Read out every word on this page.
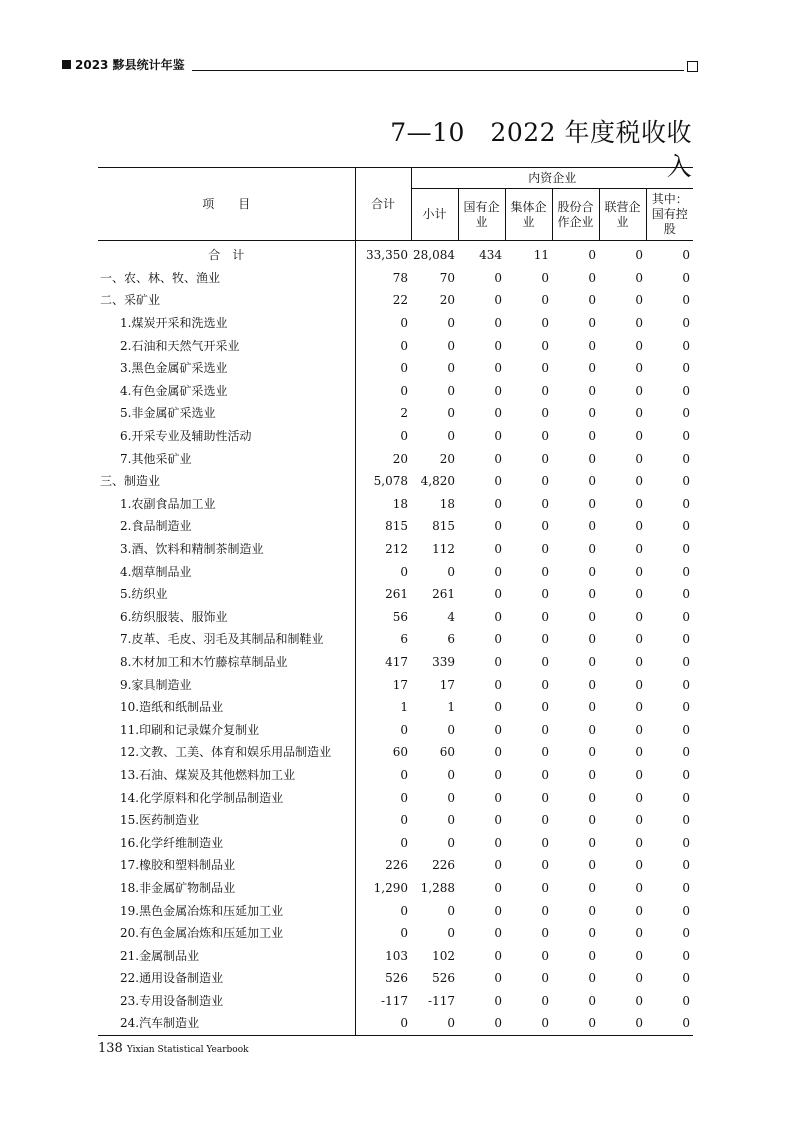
2023 黟县统计年鉴
7—10　2022 年度税收收入
项　　目	合计	内资企业					
		小计	国有企业	集体企业	股份合作企业	联营企业	其中：国有控股
合　计	33,350	28,084	434	11	0	0	0
一、农、林、牧、渔业	78	70	0	0	0	0	0
二、采矿业	22	20	0	0	0	0	0
1.煤炭开采和洗选业	0	0	0	0	0	0	0
2.石油和天然气开采业	0	0	0	0	0	0	0
3.黑色金属矿采选业	0	0	0	0	0	0	0
4.有色金属矿采选业	0	0	0	0	0	0	0
5.非金属矿采选业	2	0	0	0	0	0	0
6.开采专业及辅助性活动	0	0	0	0	0	0	0
7.其他采矿业	20	20	0	0	0	0	0
三、制造业	5,078	4,820	0	0	0	0	0
1.农副食品加工业	18	18	0	0	0	0	0
2.食品制造业	815	815	0	0	0	0	0
3.酒、饮料和精制茶制造业	212	112	0	0	0	0	0
4.烟草制品业	0	0	0	0	0	0	0
5.纺织业	261	261	0	0	0	0	0
6.纺织服装、服饰业	56	4	0	0	0	0	0
7.皮革、毛皮、羽毛及其制品和制鞋业	6	6	0	0	0	0	0
8.木材加工和木竹藤棕草制品业	417	339	0	0	0	0	0
9.家具制造业	17	17	0	0	0	0	0
10.造纸和纸制品业	1	1	0	0	0	0	0
11.印刷和记录媒介复制业	0	0	0	0	0	0	0
12.文教、工美、体育和娱乐用品制造业	60	60	0	0	0	0	0
13.石油、煤炭及其他燃料加工业	0	0	0	0	0	0	0
14.化学原料和化学制品制造业	0	0	0	0	0	0	0
15.医药制造业	0	0	0	0	0	0	0
16.化学纤维制造业	0	0	0	0	0	0	0
17.橡胶和塑料制品业	226	226	0	0	0	0	0
18.非金属矿物制品业	1,290	1,288	0	0	0	0	0
19.黑色金属冶炼和压延加工业	0	0	0	0	0	0	0
20.有色金属冶炼和压延加工业	0	0	0	0	0	0	0
21.金属制品业	103	102	0	0	0	0	0
22.通用设备制造业	526	526	0	0	0	0	0
23.专用设备制造业	-117	-117	0	0	0	0	0
24.汽车制造业	0	0	0	0	0	0	0
138 Yixian Statistical Yearbook
